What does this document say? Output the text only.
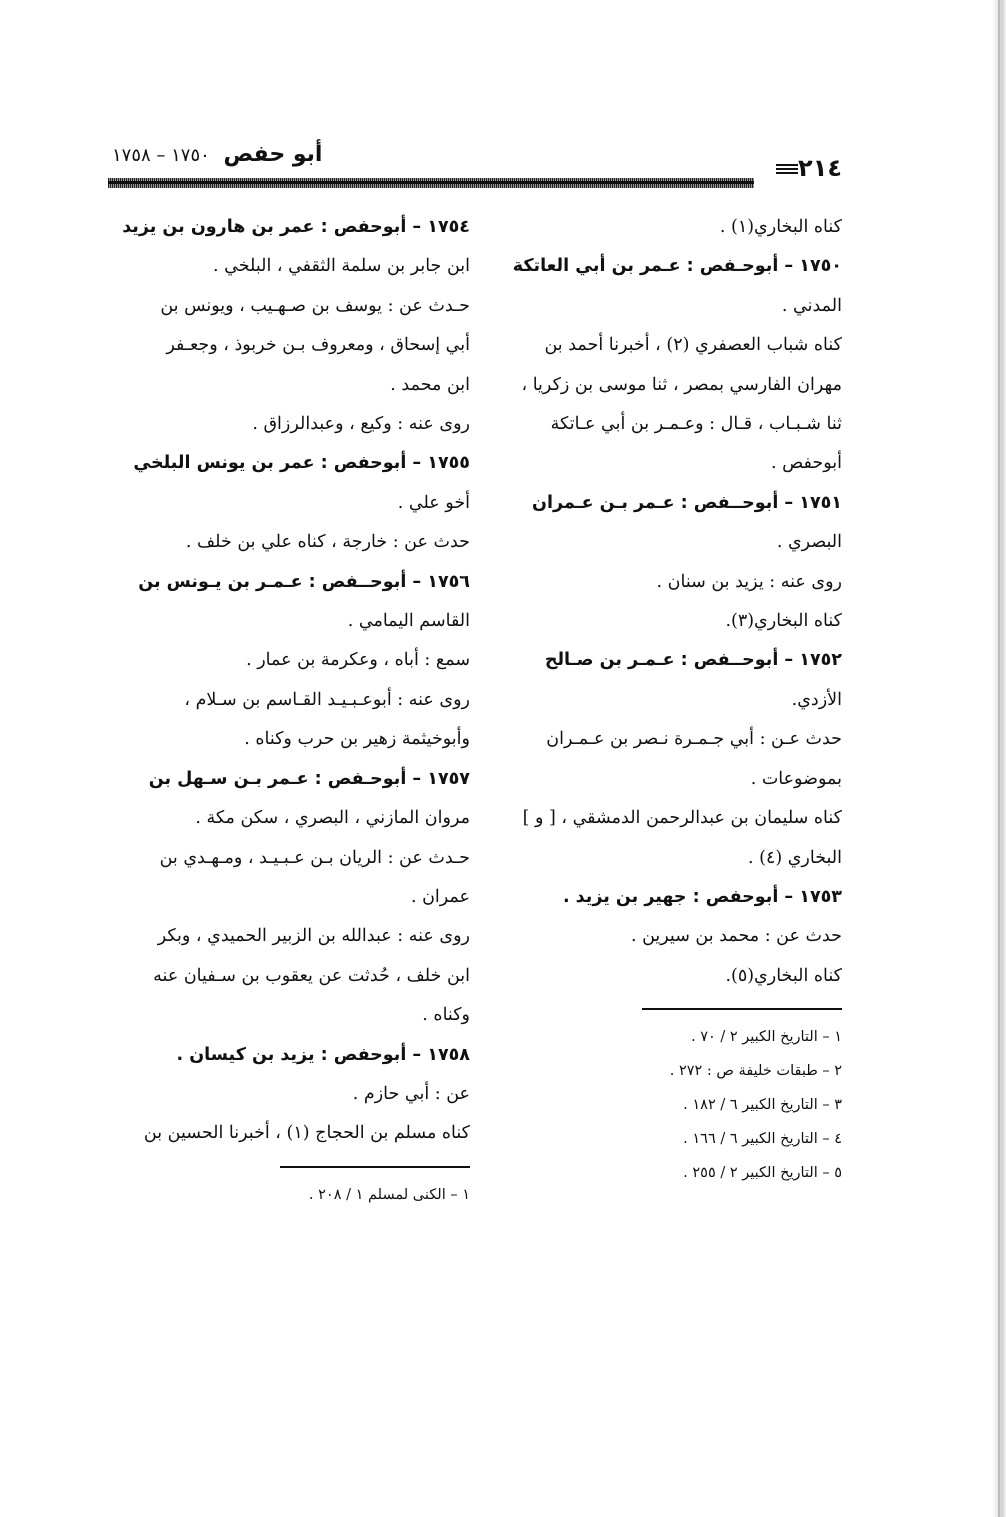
أبو حفص ١٧٥٠ – ١٧٥٨	٢١٤
كناه البخاري(١) .
١٧٥٠ – أبوحـفص : عـمر بن أبي العاتكة
المدني .
كناه شباب العصفري (٢) ، أخبرنا أحمد بن
مهران الفارسي بمصر ، ثنا موسى بن زكريا ،
ثنا شـبـاب ، قـال : وعـمـر بن أبي عـاتكة
أبوحفص .
١٧٥١ – أبوحــفص : عـمر بـن عـمران
البصري .
روى عنه : يزيد بن سنان .
كناه البخاري(٣).
١٧٥٢ – أبوحــفص : عـمـر بن صـالح
الأزدي.
حدث عـن : أبي جـمـرة نـصر بن عـمـران
بموضوعات .
كناه سليمان بن عبدالرحمن الدمشقي ، [ و ]
البخاري (٤) .
١٧٥٣ – أبوحفص : جهير بن يزيد .
حدث عن : محمد بن سيرين .
كناه البخاري(٥).
١ – التاريخ الكبير ٢ / ٧٠ .
٢ – طبقات خليفة ص : ٢٧٢ .
٣ – التاريخ الكبير ٦ / ١٨٢ .
٤ – التاريخ الكبير ٦ / ١٦٦ .
٥ – التاريخ الكبير ٢ / ٢٥٥ .
١٧٥٤ – أبوحفص : عمر بن هارون بن يزيد
ابن جابر بن سلمة الثقفي ، البلخي .
حـدث عن : يوسف بن صـهـيب ، ويونس بن
أبي إسحاق ، ومعروف بـن خربوذ ، وجعـفر
ابن محمد .
روى عنه : وكيع ، وعبدالرزاق .
١٧٥٥ – أبوحفص : عمر بن يونس البلخي
أخو علي .
حدث عن : خارجة ، كناه علي بن خلف .
١٧٥٦ – أبوحــفص : عـمـر بن يـونس بن
القاسم اليمامي .
سمع : أباه ، وعكرمة بن عمار .
روى عنه : أبوعـبـيـد القـاسم بن سـلام ،
وأبوخيثمة زهير بن حرب وكناه .
١٧٥٧ – أبوحـفص : عـمر بـن سـهل بن
مروان المازني ، البصري ، سكن مكة .
حـدث عن : الريان بـن عـبـيـد ، ومـهـدي بن
عمران .
روى عنه : عبدالله بن الزبير الحميدي ، وبكر
ابن خلف ، حُدثت عن يعقوب بن سـفيان عنه
وكناه .
١٧٥٨ – أبوحفص : يزيد بن كيسان .
عن : أبي حازم .
كناه مسلم بن الحجاج (١) ، أخبرنا الحسين بن
١ – الكنى لمسلم ١ / ٢٠٨ .
